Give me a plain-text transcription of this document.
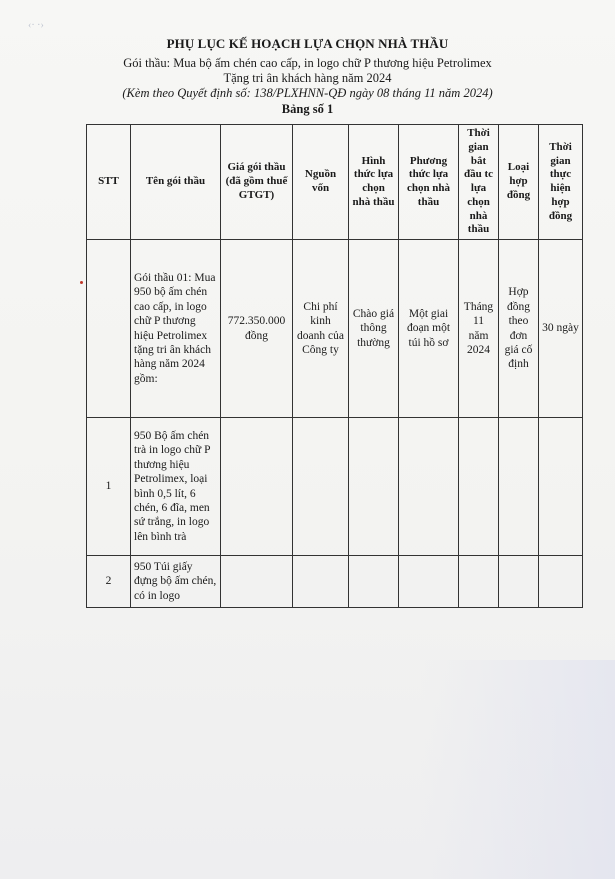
‹· ·›
PHỤ LỤC KẾ HOẠCH LỰA CHỌN NHÀ THẦU
Gói thầu: Mua bộ ấm chén cao cấp, in logo chữ P thương hiệu Petrolimex
Tặng tri ân khách hàng năm 2024
(Kèm theo Quyết định số: 138/PLXHNN-QĐ ngày 08 tháng 11 năm 2024)
Bảng số 1
STT	Tên gói thầu	Giá gói thầu (đã gồm thuế GTGT)	Nguồn vốn	Hình thức lựa chọn nhà thầu	Phương thức lựa chọn nhà thầu	Thời gian bắt đầu tc lựa chọn nhà thầu	Loại hợp đồng	Thời gian thực hiện hợp đồng
	Gói thầu 01: Mua 950 bộ ấm chén cao cấp, in logo chữ P thương hiệu Petrolimex tặng tri ân khách hàng năm 2024 gồm:	772.350.000 đồng	Chi phí kinh doanh của Công ty	Chào giá thông thường	Một giai đoạn một túi hồ sơ	Tháng 11 năm 2024	Hợp đồng theo đơn giá cố định	30 ngày
1	950 Bộ ấm chén trà in logo chữ P thương hiệu Petrolimex, loại bình 0,5 lít, 6 chén, 6 đĩa, men sứ trắng, in logo lên bình trà							
2	950 Túi giấy đựng bộ ấm chén, có in logo							
